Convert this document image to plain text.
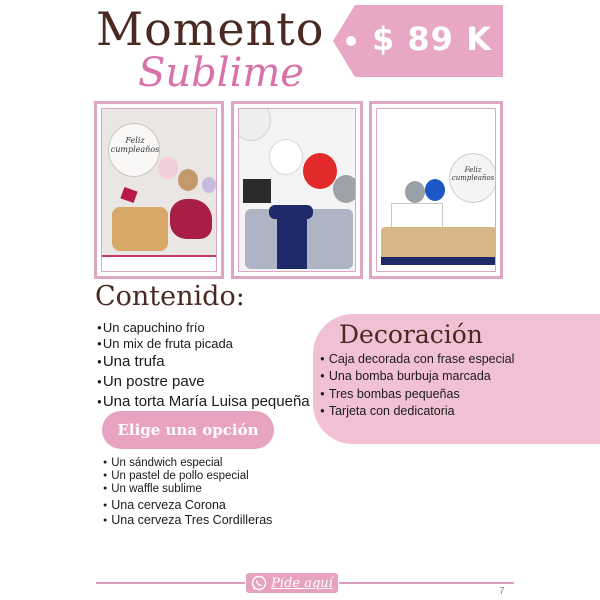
Momento
Sublime
$ 89 K
Feliz cumpleaños
Feliz cumpleaños
Contenido:
● Un capuchino frío
● Un mix de fruta picada
● Una trufa
● Un postre pave
● Una torta María Luisa pequeña
Decoración
● Caja decorada con frase especial
● Una bomba burbuja marcada
● Tres bombas pequeñas
● Tarjeta con dedicatoria
Elige una opción
● Un sándwich especial
● Un pastel de pollo especial
● Un waffle sublime
● Una cerveza Corona
● Una cerveza Tres Cordilleras
Pide aquí
7
